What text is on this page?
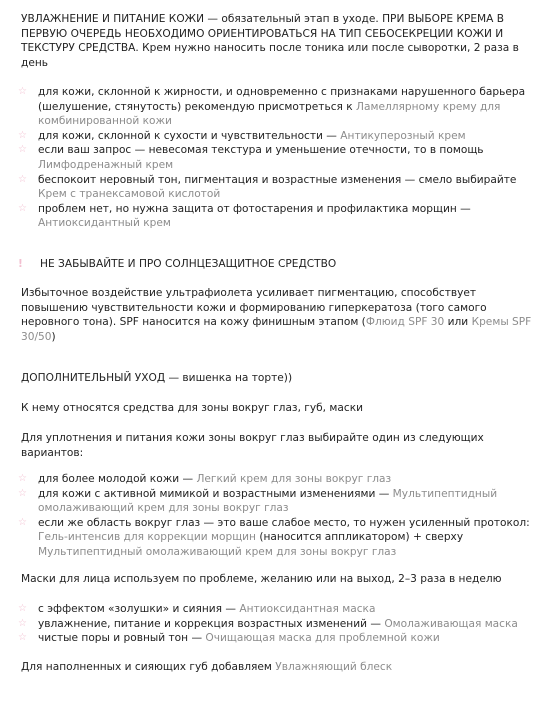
УВЛАЖНЕНИЕ И ПИТАНИЕ КОЖИ — обязательный этап в уходе. ПРИ ВЫБОРЕ КРЕМА В ПЕРВУЮ ОЧЕРЕДЬ НЕОБХОДИМО ОРИЕНТИРОВАТЬСЯ НА ТИП СЕБОСЕКРЕЦИИ КОЖИ И ТЕКСТУРУ СРЕДСТВА. Крем нужно наносить после тоника или после сыворотки, 2 раза в день

☆ для кожи, склонной к жирности, и одновременно с признаками нарушенного барьера (шелушение, стянутость) рекомендую присмотреться к Ламеллярному крему для комбинированной кожи
☆ для кожи, склонной к сухости и чувствительности — Антикуперозный крем
☆ если ваш запрос — невесомая текстура и уменьшение отечности, то в помощь Лимфодренажный крем
☆ беспокоит неровный тон, пигментация и возрастные изменения — смело выбирайте Крем с транексамовой кислотой
☆ проблем нет, но нужна защита от фотостарения и профилактика морщин — Антиоксидантный крем

! НЕ ЗАБЫВАЙТЕ И ПРО СОЛНЦЕЗАЩИТНОЕ СРЕДСТВО

Избыточное воздействие ультрафиолета усиливает пигментацию, способствует повышению чувствительности кожи и формированию гиперкератоза (того самого неровного тона). SPF наносится на кожу финишным этапом (Флюид SPF 30 или Кремы SPF 30/50)

ДОПОЛНИТЕЛЬНЫЙ УХОД — вишенка на торте))

К нему относятся средства для зоны вокруг глаз, губ, маски

Для уплотнения и питания кожи зоны вокруг глаз выбирайте один из следующих вариантов:

☆ для более молодой кожи — Легкий крем для зоны вокруг глаз
☆ для кожи с активной мимикой и возрастными изменениями — Мультипептидный омолаживающий крем для зоны вокруг глаз
☆ если же область вокруг глаз — это ваше слабое место, то нужен усиленный протокол: Гель-интенсив для коррекции морщин (наносится аппликатором) + сверху Мультипептидный омолаживающий крем для зоны вокруг глаз

Маски для лица используем по проблеме, желанию или на выход, 2–3 раза в неделю

☆ с эффектом «золушки» и сияния — Антиоксидантная маска
☆ увлажнение, питание и коррекция возрастных изменений — Омолаживающая маска
☆ чистые поры и ровный тон — Очищающая маска для проблемной кожи

Для наполненных и сияющих губ добавляем Увлажняющий блеск
